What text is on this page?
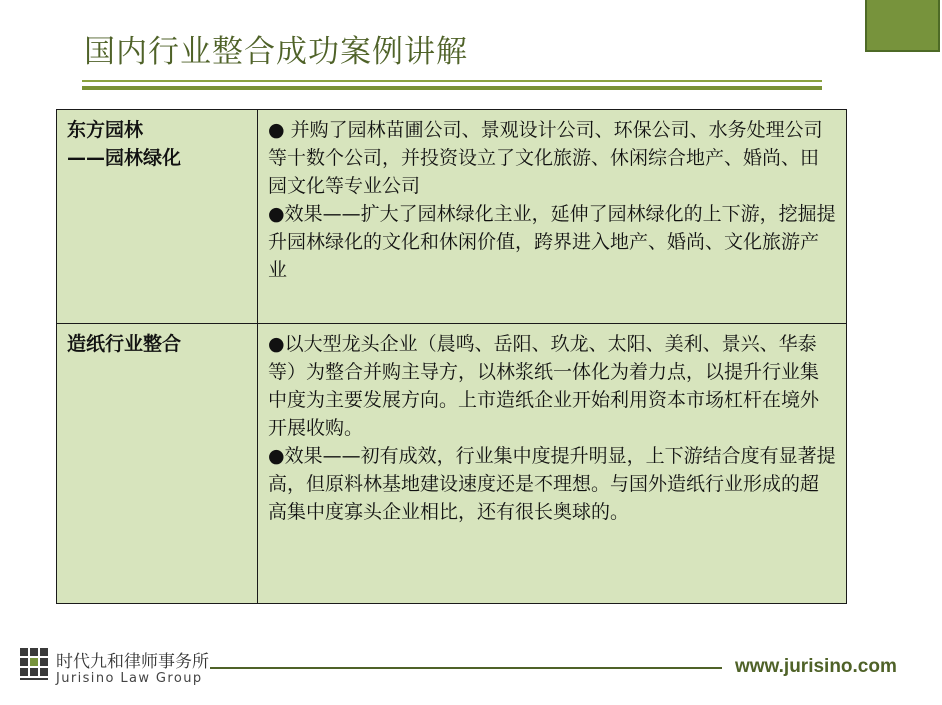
国内行业整合成功案例讲解
东方园林
——园林绿化	● 并购了园林苗圃公司、景观设计公司、环保公司、水务处理公司等十数个公司，并投资设立了文化旅游、休闲综合地产、婚尚、田园文化等专业公司
●效果——扩大了园林绿化主业，延伸了园林绿化的上下游，挖掘提升园林绿化的文化和休闲价值，跨界进入地产、婚尚、文化旅游产业

造纸行业整合	●以大型龙头企业（晨鸣、岳阳、玖龙、太阳、美利、景兴、华泰等）为整合并购主导方，以林浆纸一体化为着力点，以提升行业集中度为主要发展方向。上市造纸企业开始利用资本市场杠杆在境外开展收购。
●效果——初有成效，行业集中度提升明显，上下游结合度有显著提高，但原料林基地建设速度还是不理想。与国外造纸行业形成的超高集中度寡头企业相比，还有很长奥球的。
时代九和律师事务所
Jurisino Law Group
www.jurisino.com
